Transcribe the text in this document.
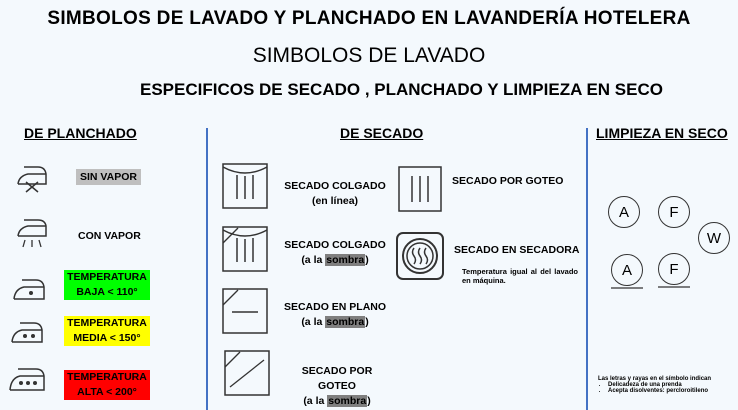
SIMBOLOS DE LAVADO Y PLANCHADO EN LAVANDERÍA HOTELERA
SIMBOLOS DE LAVADO
ESPECIFICOS DE SECADO , PLANCHADO Y LIMPIEZA EN SECO
DE PLANCHADO	DE SECADO	LIMPIEZA EN SECO
SIN VAPOR
CON VAPOR
TEMPERATURA
BAJA < 110°
TEMPERATURA
MEDIA < 150°
TEMPERATURA
ALTA < 200°
SECADO COLGADO
(en línea)
SECADO COLGADO
(a la sombra)
SECADO EN PLANO
(a la sombra)
SECADO POR GOTEO
(a la sombra)
SECADO POR GOTEO
SECADO EN SECADORA
Temperatura igual al del lavado en máquina.
A	F
W
A F
Las letras y rayas en el símbolo indican
• Delicadeza de una prenda
• Acepta disolventes: percloroitileno
